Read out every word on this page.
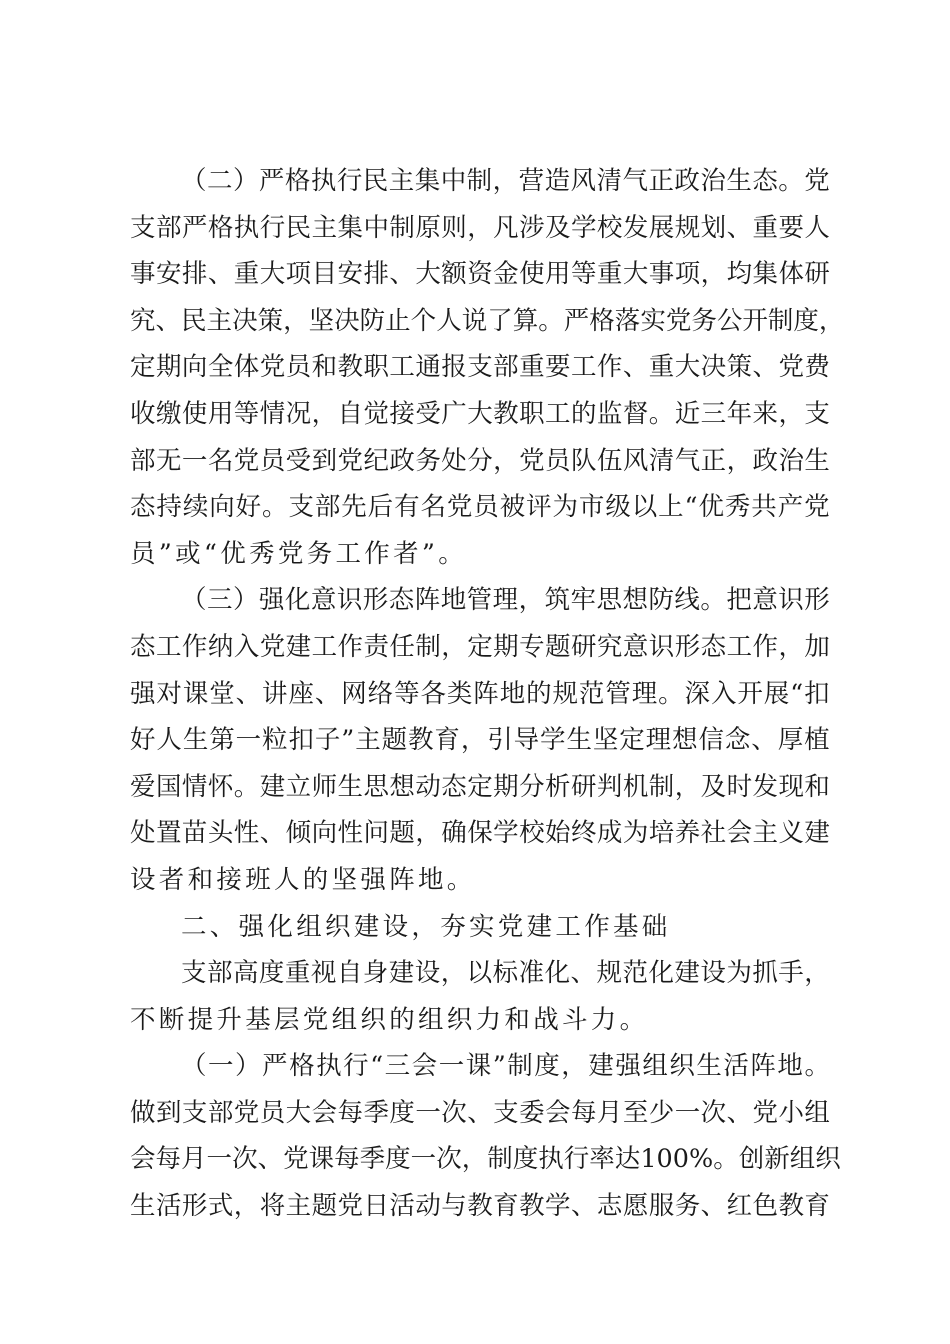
（ 二 ） 严 格 执 行 民 主 集 中 制 ， 营 造 风 清 气 正 政 治 生 态 。 党
支 部 严 格 执 行 民 主 集 中 制 原 则 ， 凡 涉 及 学 校 发 展 规 划 、 重 要 人
事 安 排 、 重 大 项 目 安 排 、 大 额 资 金 使 用 等 重 大 事 项 ， 均 集 体 研
究 、 民 主 决 策 ， 坚 决 防 止 个 人 说 了 算 。 严 格 落 实 党 务 公 开 制 度 ，
定 期 向 全 体 党 员 和 教 职 工 通 报 支 部 重 要 工 作 、 重 大 决 策 、 党 费
收 缴 使 用 等 情 况 ， 自 觉 接 受 广 大 教 职 工 的 监 督 。 近 三 年 来 ， 支
部 无 一 名 党 员 受 到 党 纪 政 务 处 分 ， 党 员 队 伍 风 清 气 正 ， 政 治 生
态 持 续 向 好 。 支 部 先 后 有 名 党 员 被 评 为 市 级 以 上 “ 优 秀 共 产 党
员”或“优秀党务工作者”。
（ 三 ） 强 化 意 识 形 态 阵 地 管 理 ， 筑 牢 思 想 防 线 。 把 意 识 形
态 工 作 纳 入 党 建 工 作 责 任 制 ， 定 期 专 题 研 究 意 识 形 态 工 作 ， 加
强 对 课 堂 、 讲 座 、 网 络 等 各 类 阵 地 的 规 范 管 理 。 深 入 开 展 “ 扣
好 人 生 第 一 粒 扣 子 ” 主 题 教 育 ， 引 导 学 生 坚 定 理 想 信 念 、 厚 植
爱 国 情 怀 。 建 立 师 生 思 想 动 态 定 期 分 析 研 判 机 制 ， 及 时 发 现 和
处 置 苗 头 性 、 倾 向 性 问 题 ， 确 保 学 校 始 终 成 为 培 养 社 会 主 义 建
设者和接班人的坚强阵地。
二、强化组织建设，夯实党建工作基础
支 部 高 度 重 视 自 身 建 设 ， 以 标 准 化 、 规 范 化 建 设 为 抓 手 ，
不断提升基层党组织的组织力和战斗力。
（ 一 ） 严 格 执 行 “ 三 会 一 课 ” 制 度 ， 建 强 组 织 生 活 阵 地 。
做 到 支 部 党 员 大 会 每 季 度 一 次 、 支 委 会 每 月 至 少 一 次 、 党 小 组
会 每 月 一 次 、 党 课 每 季 度 一 次 ， 制 度 执 行 率 达 100% 。 创 新 组 织
生 活 形 式 ， 将 主 题 党 日 活 动 与 教 育 教 学 、 志 愿 服 务 、 红 色 教 育
